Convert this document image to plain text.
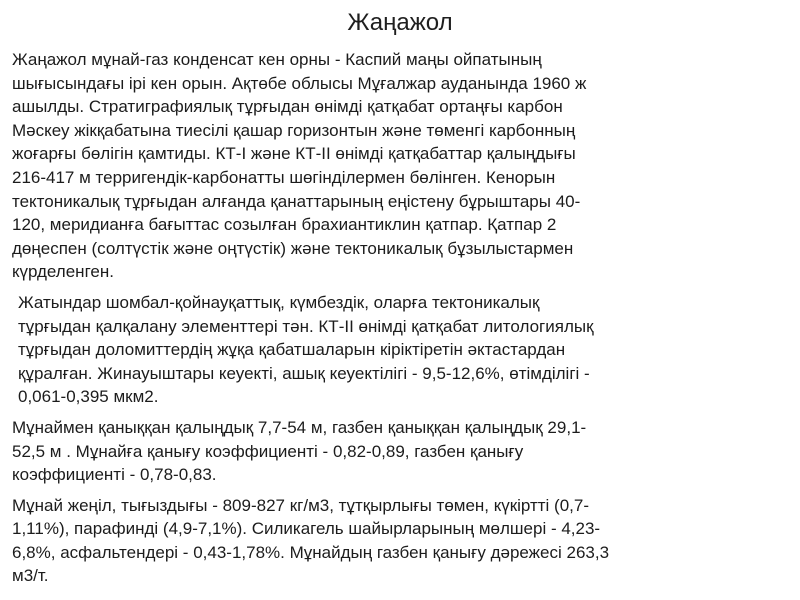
Жаңажол
Жаңажол мұнай-газ конденсат кен орны - Каспий маңы ойпатының
шығысындағы ірі кен орын. Ақтөбе облысы Мұғалжар ауданында 1960 ж
ашылды. Стратиграфиялық тұрғыдан өнімді қатқабат ортаңғы карбон
Мәскеу жікқабатына тиесілі қашар горизонтын және төменгі карбонның
жоғарғы бөлігін қамтиды. КТ-І және КТ-ІІ өнімді қатқабаттар қалыңдығы
216-417 м терригендік-карбонатты шөгінділермен бөлінген. Кенорын
тектоникалық тұрғыдан алғанда қанаттарының еңістену бұрыштары 40-
120, меридианға бағыттас созылған брахиантиклин қатпар. Қатпар 2
дөңеспен (солтүстік және оңтүстік) және тектоникалық бұзылыстармен
күрделенген.
Жатындар шомбал-қойнауқаттық, күмбездік, оларға тектоникалық
тұрғыдан қалқалану элементтері тән. КТ-ІІ өнімді қатқабат литологиялық
тұрғыдан доломиттердің жұқа қабатшаларын кіріктіретін әктастардан
құралған. Жинауыштары кеуекті, ашық кеуектілігі - 9,5-12,6%, өтімділігі -
0,061-0,395 мкм2.
Мұнаймен қаныққан қалыңдық 7,7-54 м, газбен қаныққан қалыңдық 29,1-
52,5 м . Мұнайға қанығу коэффициенті - 0,82-0,89, газбен қанығу
коэффициенті - 0,78-0,83.
Мұнай жеңіл, тығыздығы - 809-827 кг/м3, тұтқырлығы төмен, күкіртті (0,7-
1,11%), парафинді (4,9-7,1%). Силикагель шайырларының мөлшері - 4,23-
6,8%, асфальтендері - 0,43-1,78%. Мұнайдың газбен қанығу дәрежесі 263,3
м3/т.
